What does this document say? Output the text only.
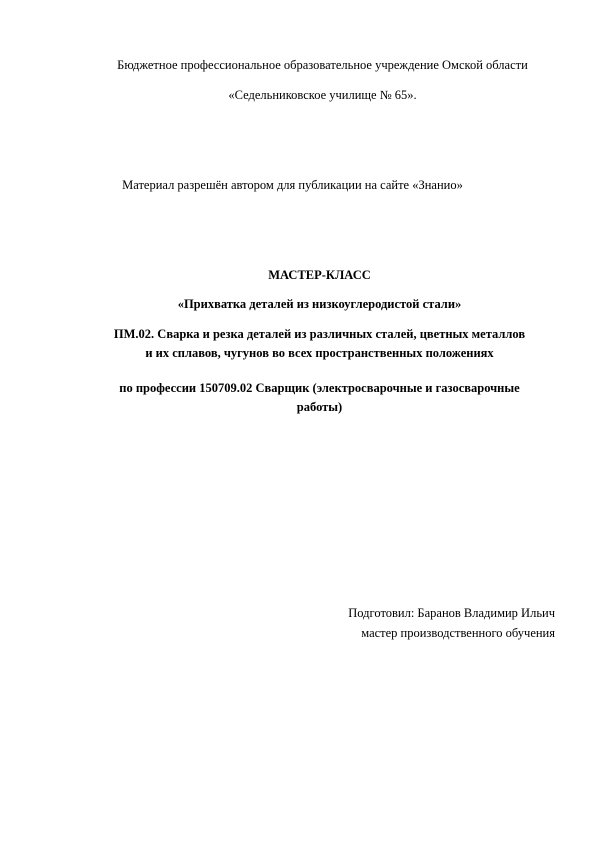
Бюджетное профессиональное образовательное учреждение Омской области
«Седельниковское училище № 65».
Материал разрешён автором для публикации на сайте «Знанио»
МАСТЕР-КЛАСС
«Прихватка деталей из низкоуглеродистой стали»
ПМ.02. Сварка и резка деталей из различных сталей, цветных металлов
и их сплавов, чугунов во всех пространственных положениях
по профессии 150709.02 Сварщик (электросварочные и газосварочные
работы)
Подготовил: Баранов Владимир Ильич
мастер производственного обучения
